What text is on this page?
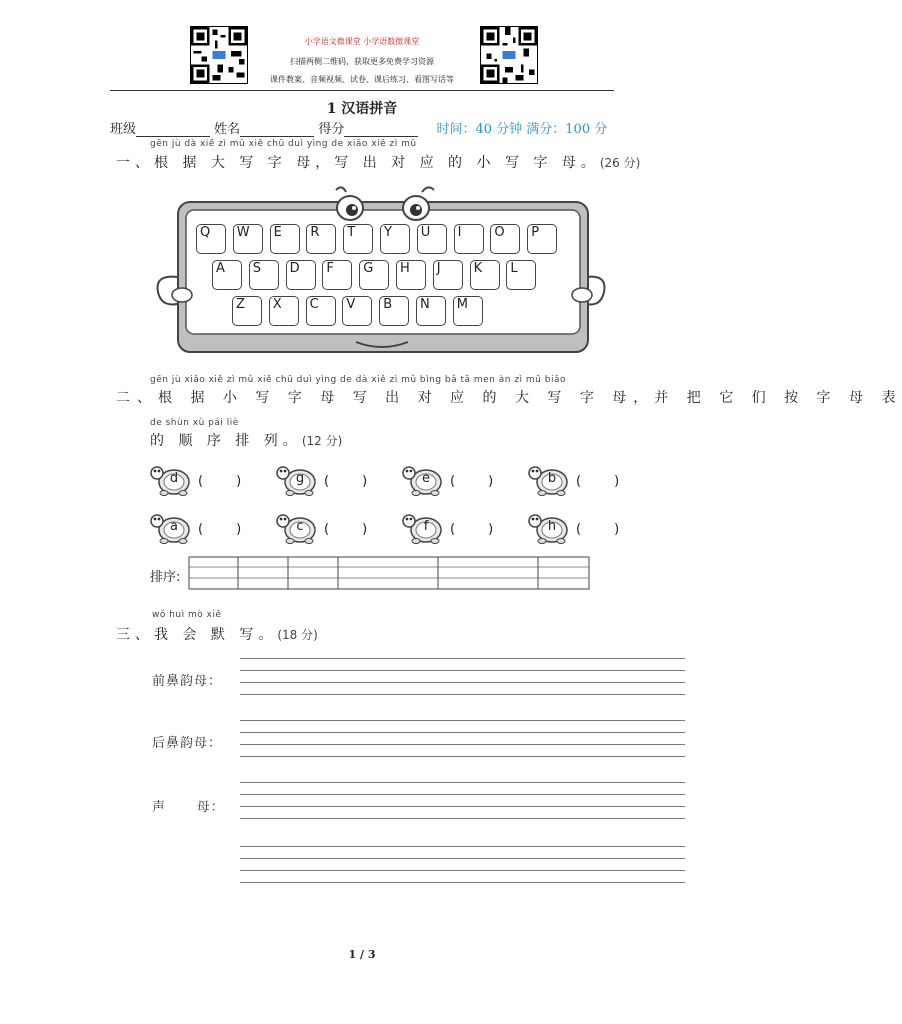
小学语文微课堂 小学语数微课堂
扫描两侧二维码，获取更多免费学习资源
课件教案、音频视频、试卷、课后练习、看图写话等
1 汉语拼音
班级	姓名	得分	时间：40 分钟 满分：100 分
gēn jù dà xiě zì mǔ xiě chū duì yìng de xiǎo xiě zì mǔ
一、根 据 大 写 字 母，写 出 对 应 的 小 写 字 母。(26 分)
Q	W	E	R	T	Y	U	I	O	P
A	S	D	F	G	H	J	K	L
Z	X	C	V	B	N	M
gēn jù xiǎo xiě zì mǔ xiě chū duì yìng de dà xiě zì mǔ bìng bǎ tā men àn zì mǔ biǎo
二、根 据 小 写 字 母 写 出 对 应 的 大 写 字 母，并 把 它 们 按 字 母 表
de shùn xù pái liè
的 顺 序 排 列。(12 分)
d (        )	g (        )	e (        )	b (        )
a (        )	c (        )	f (        )	h (        )
排序:
wǒ huì mò xiě
三、我 会 默 写。(18 分)
前鼻韵母：
后鼻韵母：
声      母：
1 / 3
